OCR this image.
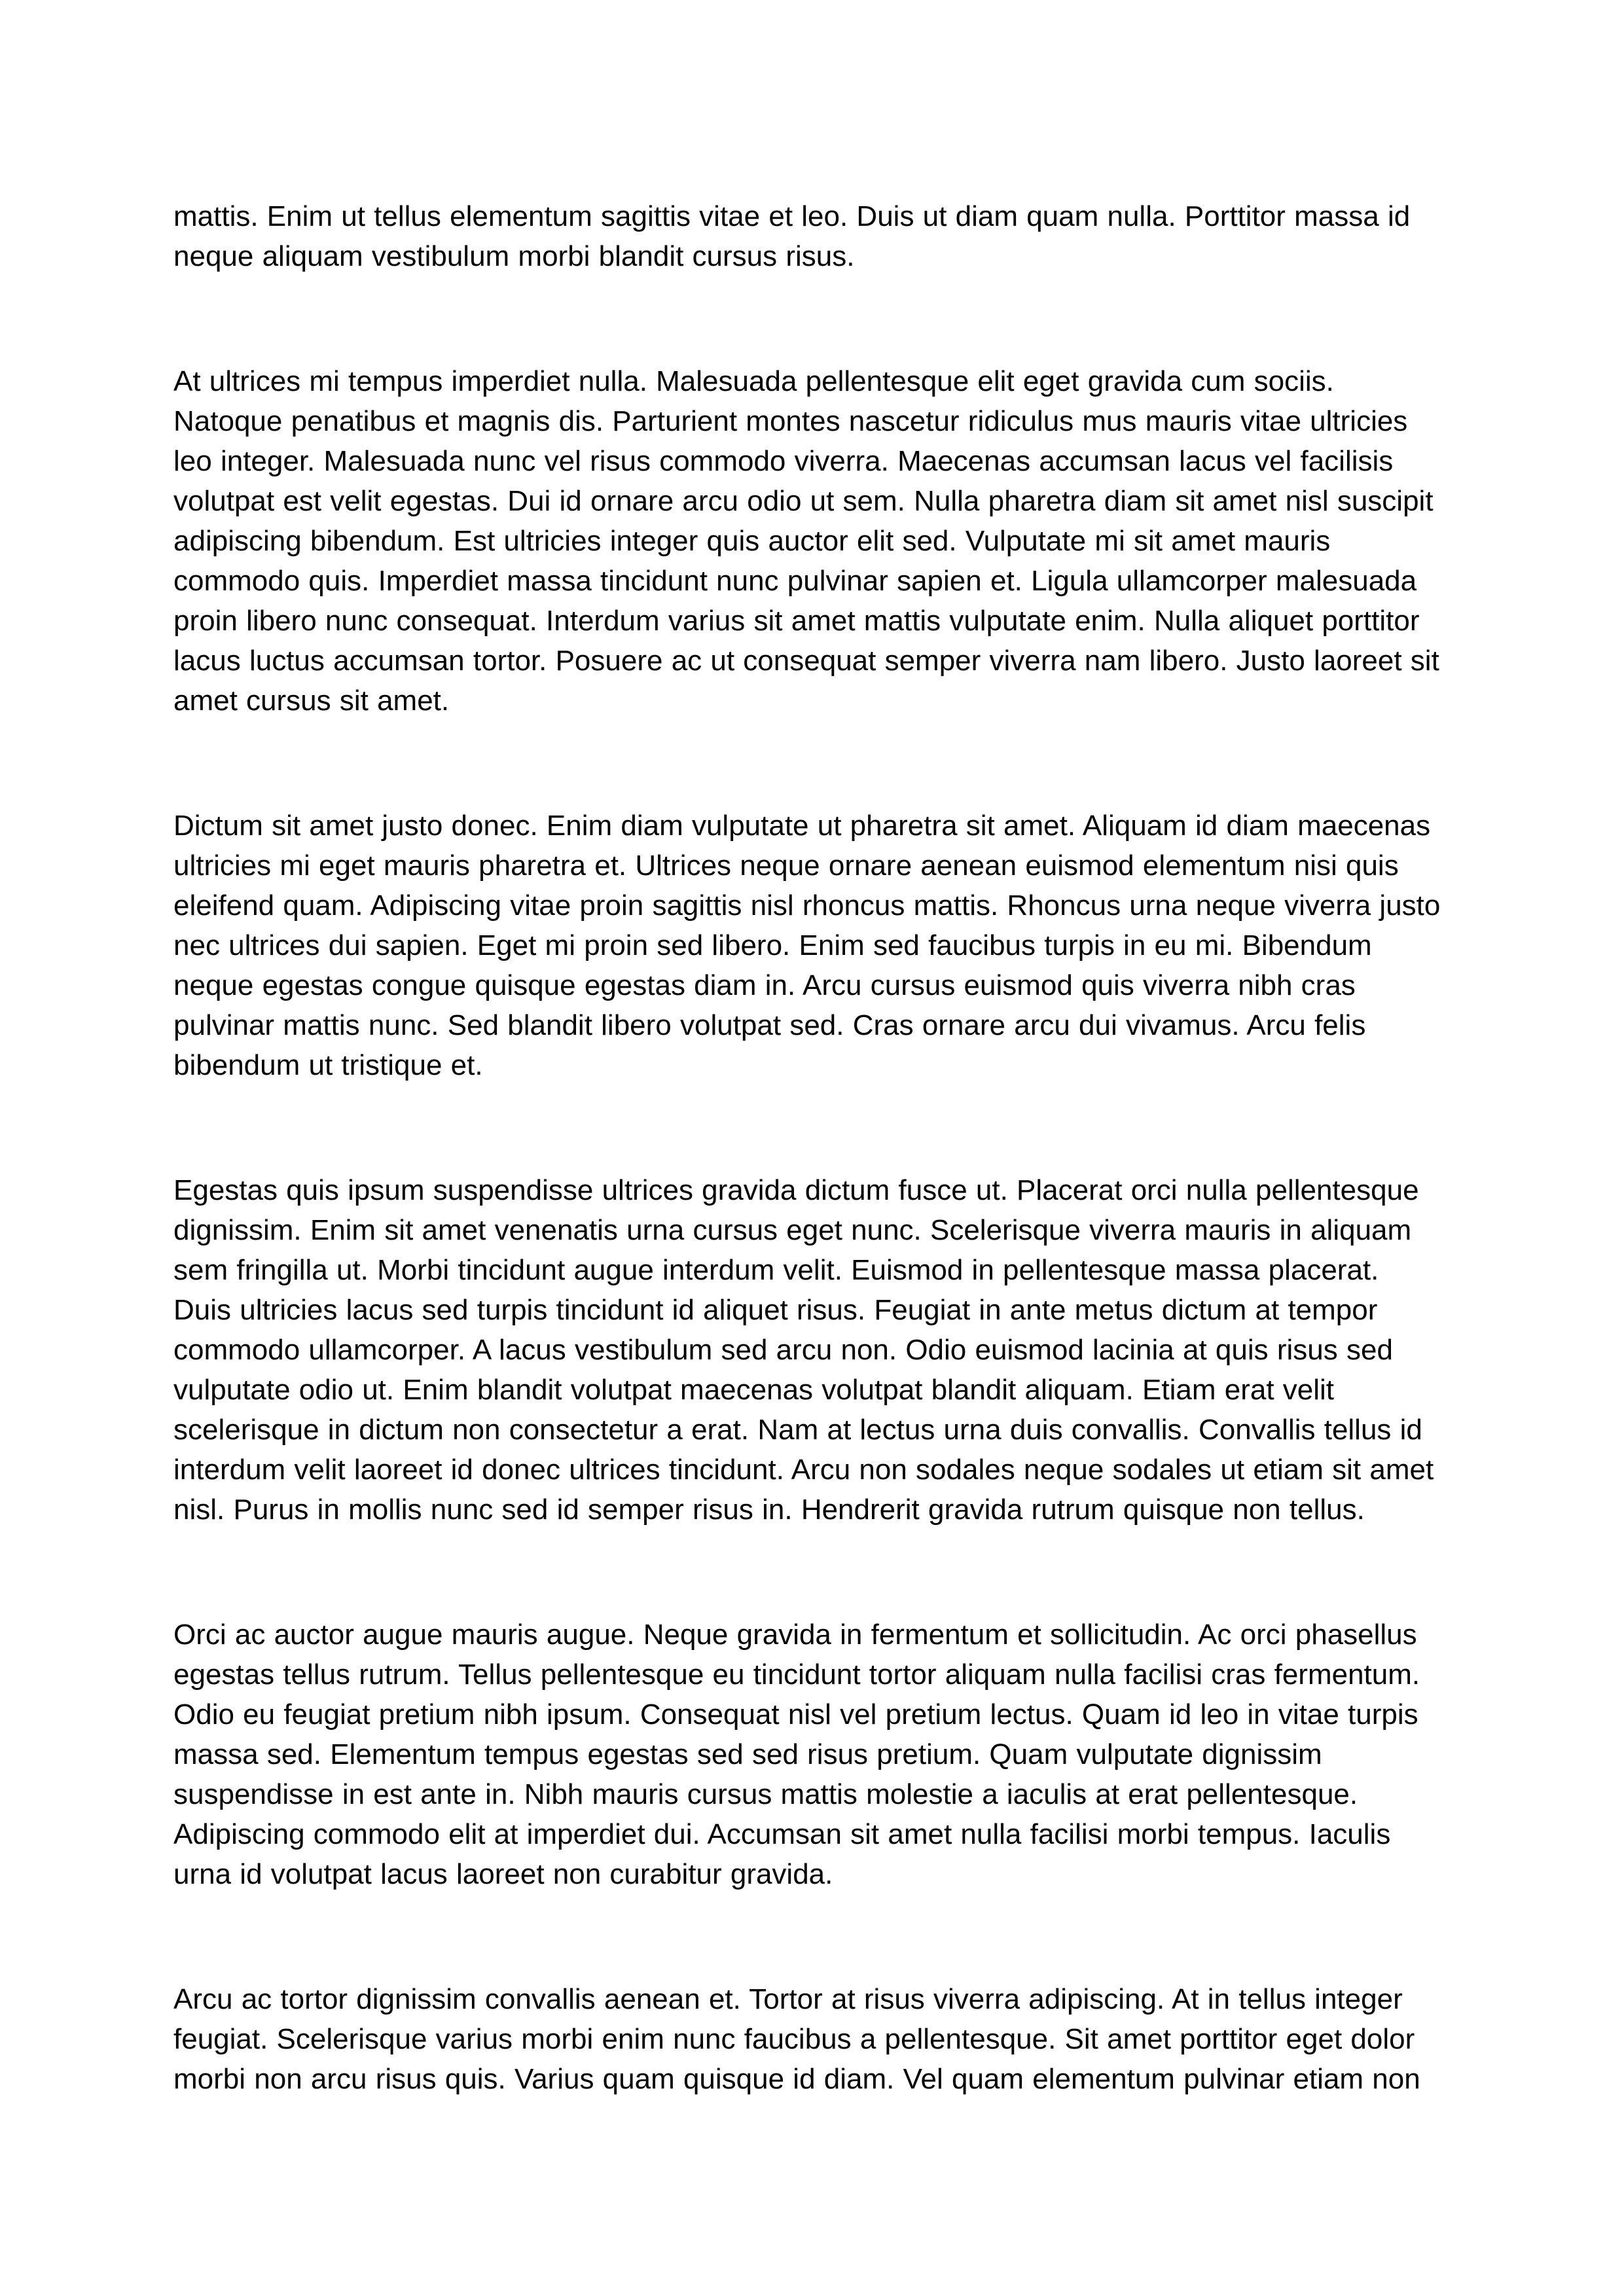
mattis. Enim ut tellus elementum sagittis vitae et leo. Duis ut diam quam nulla. Porttitor massa id neque aliquam vestibulum morbi blandit cursus risus.

At ultrices mi tempus imperdiet nulla. Malesuada pellentesque elit eget gravida cum sociis. Natoque penatibus et magnis dis. Parturient montes nascetur ridiculus mus mauris vitae ultricies leo integer. Malesuada nunc vel risus commodo viverra. Maecenas accumsan lacus vel facilisis volutpat est velit egestas. Dui id ornare arcu odio ut sem. Nulla pharetra diam sit amet nisl suscipit adipiscing bibendum. Est ultricies integer quis auctor elit sed. Vulputate mi sit amet mauris commodo quis. Imperdiet massa tincidunt nunc pulvinar sapien et. Ligula ullamcorper malesuada proin libero nunc consequat. Interdum varius sit amet mattis vulputate enim. Nulla aliquet porttitor lacus luctus accumsan tortor. Posuere ac ut consequat semper viverra nam libero. Justo laoreet sit amet cursus sit amet.

Dictum sit amet justo donec. Enim diam vulputate ut pharetra sit amet. Aliquam id diam maecenas ultricies mi eget mauris pharetra et. Ultrices neque ornare aenean euismod elementum nisi quis eleifend quam. Adipiscing vitae proin sagittis nisl rhoncus mattis. Rhoncus urna neque viverra justo nec ultrices dui sapien. Eget mi proin sed libero. Enim sed faucibus turpis in eu mi. Bibendum neque egestas congue quisque egestas diam in. Arcu cursus euismod quis viverra nibh cras pulvinar mattis nunc. Sed blandit libero volutpat sed. Cras ornare arcu dui vivamus. Arcu felis bibendum ut tristique et.

Egestas quis ipsum suspendisse ultrices gravida dictum fusce ut. Placerat orci nulla pellentesque dignissim. Enim sit amet venenatis urna cursus eget nunc. Scelerisque viverra mauris in aliquam sem fringilla ut. Morbi tincidunt augue interdum velit. Euismod in pellentesque massa placerat. Duis ultricies lacus sed turpis tincidunt id aliquet risus. Feugiat in ante metus dictum at tempor commodo ullamcorper. A lacus vestibulum sed arcu non. Odio euismod lacinia at quis risus sed vulputate odio ut. Enim blandit volutpat maecenas volutpat blandit aliquam. Etiam erat velit scelerisque in dictum non consectetur a erat. Nam at lectus urna duis convallis. Convallis tellus id interdum velit laoreet id donec ultrices tincidunt. Arcu non sodales neque sodales ut etiam sit amet nisl. Purus in mollis nunc sed id semper risus in. Hendrerit gravida rutrum quisque non tellus.

Orci ac auctor augue mauris augue. Neque gravida in fermentum et sollicitudin. Ac orci phasellus egestas tellus rutrum. Tellus pellentesque eu tincidunt tortor aliquam nulla facilisi cras fermentum. Odio eu feugiat pretium nibh ipsum. Consequat nisl vel pretium lectus. Quam id leo in vitae turpis massa sed. Elementum tempus egestas sed sed risus pretium. Quam vulputate dignissim suspendisse in est ante in. Nibh mauris cursus mattis molestie a iaculis at erat pellentesque. Adipiscing commodo elit at imperdiet dui. Accumsan sit amet nulla facilisi morbi tempus. Iaculis urna id volutpat lacus laoreet non curabitur gravida.

Arcu ac tortor dignissim convallis aenean et. Tortor at risus viverra adipiscing. At in tellus integer feugiat. Scelerisque varius morbi enim nunc faucibus a pellentesque. Sit amet porttitor eget dolor morbi non arcu risus quis. Varius quam quisque id diam. Vel quam elementum pulvinar etiam non
